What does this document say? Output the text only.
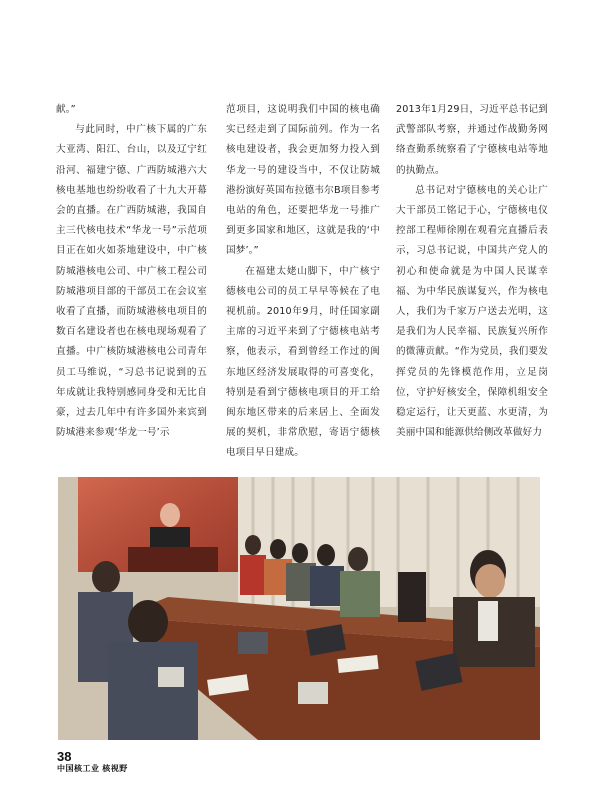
献。”

与此同时，中广核下属的广东大亚湾、阳江、台山，以及辽宁红沿河、福建宁德、广西防城港六大核电基地也纷纷收看了十九大开幕会的直播。在广西防城港，我国自主三代核电技术“华龙一号”示范项目正在如火如荼地建设中，中广核防城港核电公司、中广核工程公司防城港项目部的干部员工在会议室收看了直播，而防城港核电项目的数百名建设者也在核电现场观看了直播。中广核防城港核电公司青年员工马维说，“习总书记说到的五年成就让我特别感同身受和无比自豪，过去几年中有许多国外来宾到防城港来参观‘华龙一号’示

范项目，这说明我们中国的核电确实已经走到了国际前列。作为一名核电建设者，我会更加努力投入到华龙一号的建设当中，不仅让防城港扮演好英国布拉德韦尔B项目参考电站的角色，还要把华龙一号推广到更多国家和地区，这就是我的‘中国梦’。”

在福建太姥山脚下，中广核宁德核电公司的员工早早等候在了电视机前。2010年9月，时任国家副主席的习近平来到了宁德核电站考察，他表示，看到曾经工作过的闽东地区经济发展取得的可喜变化，特别是看到宁德核电项目的开工给闽东地区带来的后来居上、全面发展的契机，非常欣慰，寄语宁德核电项目早日建成。

2013年1月29日，习近平总书记到武警部队考察，并通过作战勤务网络查勤系统察看了宁德核电站等地的执勤点。

总书记对宁德核电的关心让广大干部员工铭记于心，宁德核电仪控部工程师徐刚在观看完直播后表示，习总书记说，中国共产党人的初心和使命就是为中国人民谋幸福、为中华民族谋复兴，作为核电人，我们为千家万户送去光明，这是我们为人民幸福、民族复兴所作的微薄贡献。“作为党员，我们要发挥党员的先锋模范作用，立足岗位，守护好核安全，保障机组安全稳定运行，让天更蓝、水更清，为美丽中国和能源供给侧改革做好力

38
中国核工业 核视野
